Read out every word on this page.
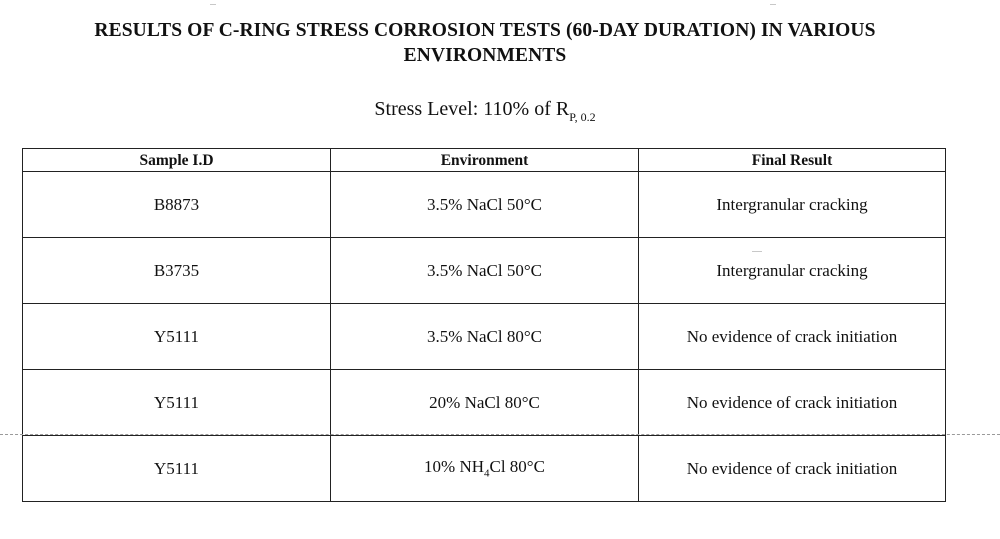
RESULTS OF C-RING STRESS CORROSION TESTS (60-DAY DURATION) IN VARIOUS ENVIRONMENTS
Stress Level: 110% of $R_{P, 0.2}$
Sample I.D	Environment	Final Result
B8873	3.5% NaCl 50°C	Intergranular cracking
B3735	3.5% NaCl 50°C	Intergranular cracking
Y5111	3.5% NaCl 80°C	No evidence of crack initiation
Y5111	20% NaCl 80°C	No evidence of crack initiation
Y5111	10% $NH_4Cl$ 80°C	No evidence of crack initiation
